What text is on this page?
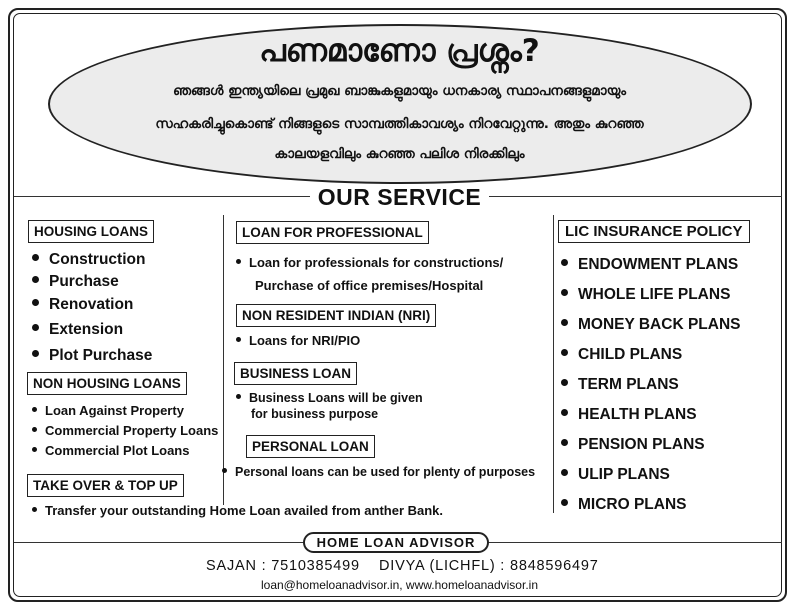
പണമാണോ പ്രശ്നം?
ഞങ്ങൾ ഇന്ത്യയിലെ പ്രമുഖ ബാങ്കുകളുമായും ധനകാര്യ സ്ഥാപനങ്ങളുമായും
സഹകരിച്ചുകൊണ്ട് നിങ്ങളുടെ സാമ്പത്തികാവശ്യം നിറവേറ്റുന്നു. അതും കുറഞ്ഞ
കാലയളവിലും കുറഞ്ഞ പലിശ നിരക്കിലും
OUR SERVICE
HOUSING LOANS
Construction
Purchase
Renovation
Extension
Plot Purchase
NON HOUSING LOANS
Loan Against Property
Commercial Property Loans
Commercial Plot Loans
TAKE OVER & TOP UP
Transfer your outstanding Home Loan availed from anther Bank.
LOAN FOR PROFESSIONAL
Loan for professionals for constructions/
Purchase of office premises/Hospital
NON RESIDENT INDIAN (NRI)
Loans for NRI/PIO
BUSINESS LOAN
Business Loans will be given
for business purpose
PERSONAL LOAN
Personal loans can be used for plenty of purposes
LIC INSURANCE POLICY
ENDOWMENT PLANS
WHOLE LIFE PLANS
MONEY BACK PLANS
CHILD PLANS
TERM PLANS
HEALTH PLANS
PENSION PLANS
ULIP PLANS
MICRO PLANS
HOME LOAN ADVISOR
SAJAN : 7510385499 DIVYA (LICHFL) : 8848596497
loan@homeloanadvisor.in, www.homeloanadvisor.in
